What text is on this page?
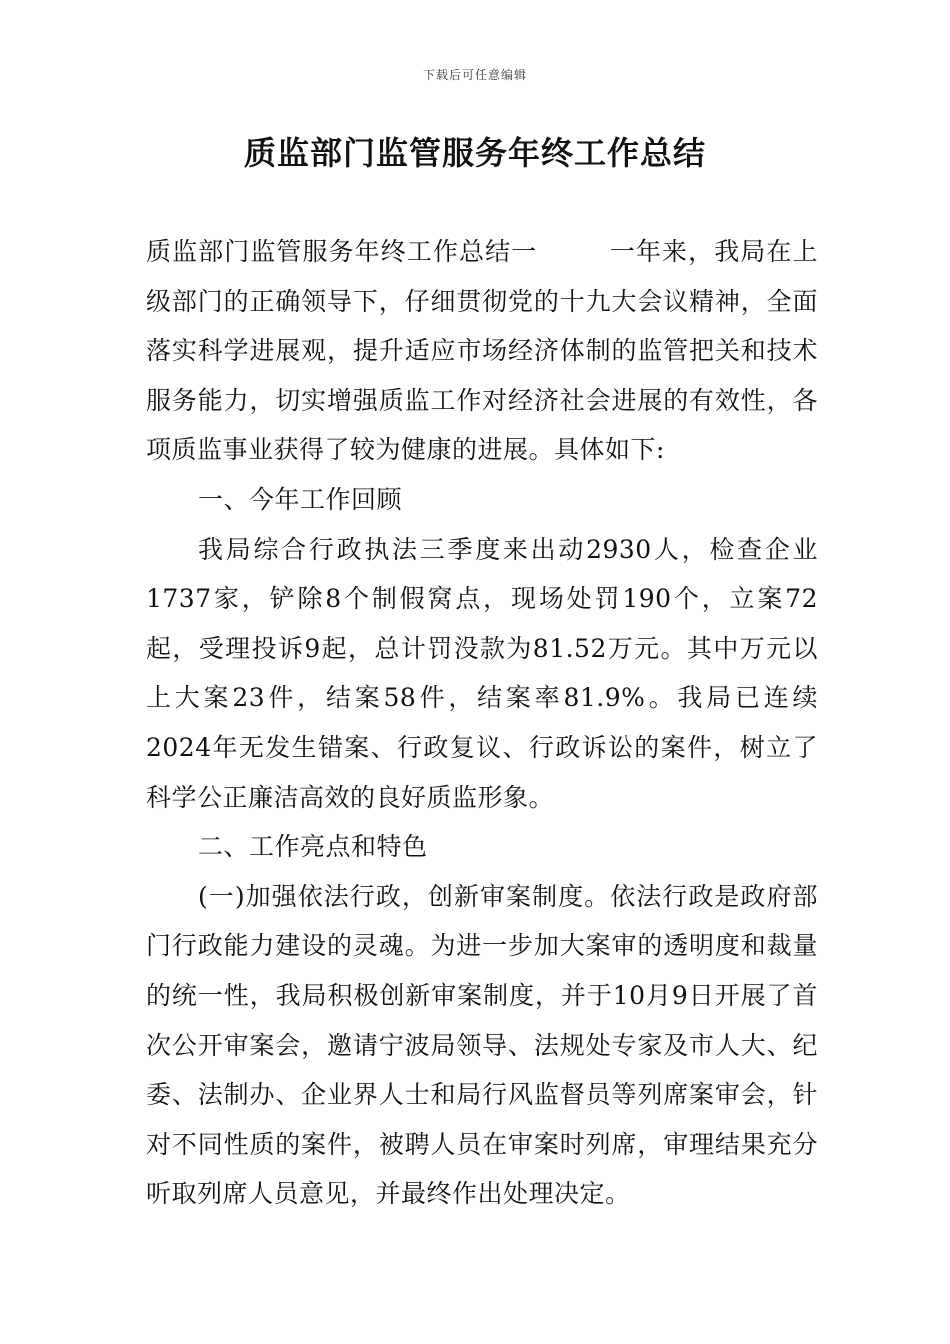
下载后可任意编辑
质监部门监管服务年终工作总结

质监部门监管服务年终工作总结一	一年来，我局在上级部门的正确领导下，仔细贯彻党的十九大会议精神，全面落实科学进展观，提升适应市场经济体制的监管把关和技术服务能力，切实增强质监工作对经济社会进展的有效性，各项质监事业获得了较为健康的进展。具体如下:

一、今年工作回顾

我局综合行政执法三季度来出动2930人，检查企业1737家，铲除8个制假窝点，现场处罚190个，立案72起，受理投诉9起，总计罚没款为81.52万元。其中万元以上大案23件，结案58件，结案率81.9%。我局已连续2024年无发生错案、行政复议、行政诉讼的案件，树立了科学公正廉洁高效的良好质监形象。

二、工作亮点和特色

(一)加强依法行政，创新审案制度。依法行政是政府部门行政能力建设的灵魂。为进一步加大案审的透明度和裁量的统一性，我局积极创新审案制度，并于10月9日开展了首次公开审案会，邀请宁波局领导、法规处专家及市人大、纪委、法制办、企业界人士和局行风监督员等列席案审会，针对不同性质的案件，被聘人员在审案时列席，审理结果充分听取列席人员意见，并最终作出处理决定。
